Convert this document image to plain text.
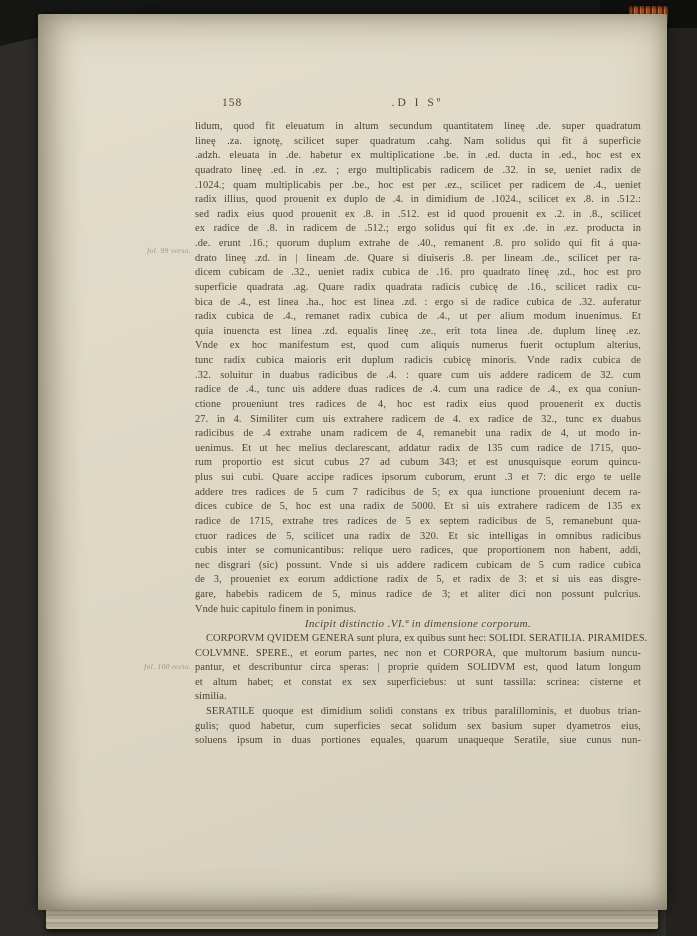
158	.D I Sº
fol. 99 verso.
fol. 100 recto.
lidum, quod fit eleuatum in altum secundum quantitatem lineę .de. super quadratum
lineę .za. ignotę, scilicet super quadratum .cahg. Nam solidus qui fit á superficie
.adzh. eleuata in .de. habetur ex multiplicatione .be. in .ed. ducta in .ed., hoc est ex
quadrato lineę .ed. in .ez. ; ergo multiplicabis radicem de .32. in se, ueniet radix de
.1024.; quam multiplicabis per .be., hoc est per .ez., scilicet per radicem de .4., ueniet
radix illius, quod prouenit ex duplo de .4. in dimidium de .1024., scilicet ex .8. in .512.:
sed radix eius quod prouenit ex .8. in .512. est id quod prouenit ex .2. in .8., scilicet
ex radice de .8. in radicem de .512.; ergo solidus qui fit ex .de. in .ez. producta in
.de. erunt .16.; quorum duplum extrahe de .40., remanent .8. pro solido qui fit á qua-
drato lineę .zd. in | lineam .de. Quare si diuiseris .8. per lineam .de., scilicet per ra-
dicem cubicam de .32., ueniet radix cubica de .16. pro quadrato lineę .zd., hoc est pro
superficie quadrata .ag. Quare radix quadrata radicis cubicę de .16., scilicet radix cu-
bica de .4., est linea .ha., hoc est linea .zd. : ergo si de radice cubica de .32. auferatur
radix cubica de .4., remanet radix cubica de .4., ut per alium modum inuenimus. Et
quia inuencta est linea .zd. equalis lineę .ze., erit tota linea .de. duplum lineę .ez.
Vnde ex hoc manifestum est, quod cum aliquis numerus fuerit octuplum alterius,
tunc radix cubica maioris erit duplum radicis cubicę minoris. Vnde radix cubica de
.32. soluitur in duabus radicibus de .4. : quare cum uis addere radicem de 32. cum
radice de .4., tunc uis addere duas radices de .4. cum una radice de .4., ex qua coniun-
ctione proueniunt tres radices de 4, hoc est radix eius quod prouenerit ex ductis
27. in 4. Similiter cum uis extrahere radicem de 4. ex radice de 32., tunc ex duabus
radicibus de .4 extrahe unam radicem de 4, remanebit una radix de 4, ut modo in-
uenimus. Et ut hec melius declarescant, addatur radix de 135 cum radice de 1715, quo-
rum proportio est sicut cubus 27 ad cubum 343; et est unusquisque eorum quincu-
plus sui cubi. Quare accipe radices ipsorum cuborum, erunt .3 et 7: dic ergo te uelle
addere tres radices de 5 cum 7 radicibus de 5; ex qua iunctione proueniunt decem ra-
dices cubice de 5, hoc est una radix de 5000. Et si uis extrahere radicem de 135 ex
radice de 1715, extrahe tres radices de 5 ex septem radicibus de 5, remanebunt qua-
ctuor radices de 5, scilicet una radix de 320. Et sic intelligas in omnibus radicibus
cubis inter se comunicantibus: relique uero radices, que proportionem non habent, addi,
nec disgrari (sic) possunt. Vnde si uis addere radicem cubicam de 5 cum radice cubica
de 3, proueniet ex eorum addictione radix de 5, et radix de 3: et si uis eas disgre-
gare, habebis radicem de 5, minus radice de 3; et aliter dici non possunt pulcrius.
Vnde huic capitulo finem in ponimus.
Incipit distinctio .VI.ª in dimensione corporum.
CORPORVM QVIDEM GENERA sunt plura, ex quibus sunt hec: SOLIDI. SERATILIA. PIRAMIDES.
COLVMNE. SPERE., et eorum partes, nec non et CORPORA, que multorum basium nuncu-
pantur, et describuntur circa speras: | proprie quidem SOLIDVM est, quod latum longum
et altum habet; et constat ex sex superficiebus: ut sunt tassilla: scrinea: cisterne et
similia.
SERATILE quoque est dimidium solidi constans ex tribus paralillominis, et duobus trian-
gulis; quod habetur, cum superficies secat solidum sex basium super dyametros eius,
soluens ipsum in duas portiones equales, quarum unaqueque Seratile, siue cunus nun-
